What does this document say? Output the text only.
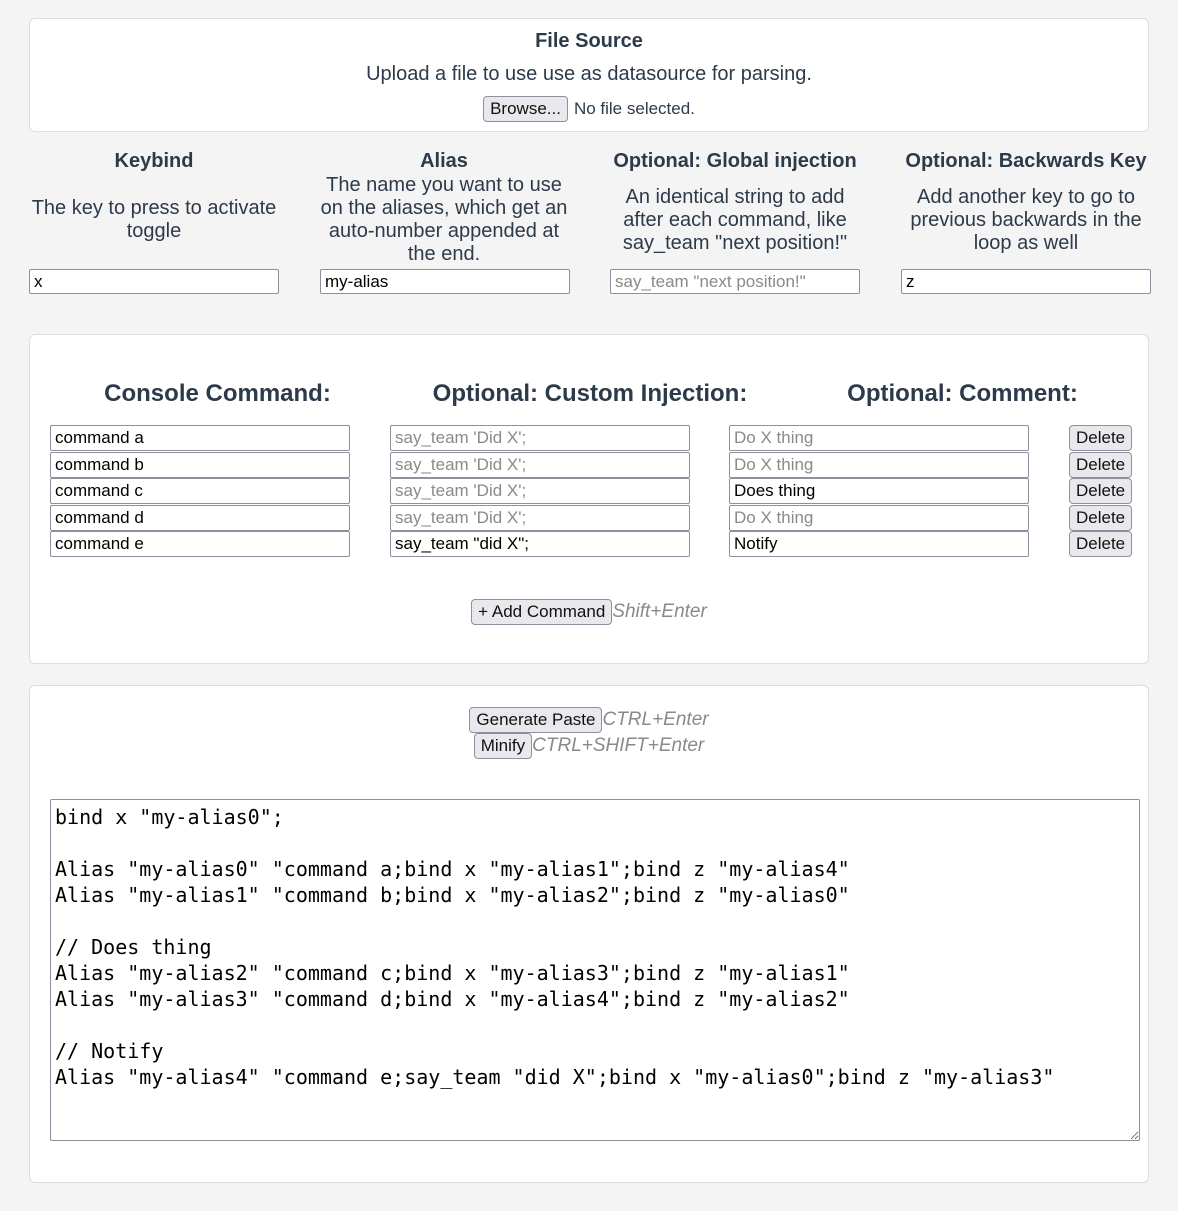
File Source
Upload a file to use use as datasource for parsing.
Browse... No file selected.
Keybind
The key to press to activate toggle
x
Alias
The name you want to use on the aliases, which get an auto-number appended at the end.
my-alias
Optional: Global injection
An identical string to add after each command, like say_team "next position!"
say_team "next position!"
Optional: Backwards Key
Add another key to go to previous backwards in the loop as well
z
Console Command:	Optional: Custom Injection:	Optional: Comment:
command a
say_team 'Did X';
Do X thing
Delete
command b
say_team 'Did X';
Do X thing
Delete
command c
say_team 'Did X';
Does thing
Delete
command d
say_team 'Did X';
Do X thing
Delete
command e
say_team "did X";
Notify
Delete
+ Add Command Shift+Enter
Generate Paste CTRL+Enter
Minify CTRL+SHIFT+Enter
bind x "my-alias0"; Alias "my-alias0" "command a;bind x "my-alias1";bind z "my-alias4" Alias "my-alias1" "command b;bind x "my-alias2";bind z "my-alias0" // Does thing Alias "my-alias2" "command c;bind x "my-alias3";bind z "my-alias1" Alias "my-alias3" "command d;bind x "my-alias4";bind z "my-alias2" // Notify Alias "my-alias4" "command e;say_team "did X";bind x "my-alias0";bind z "my-alias3"
